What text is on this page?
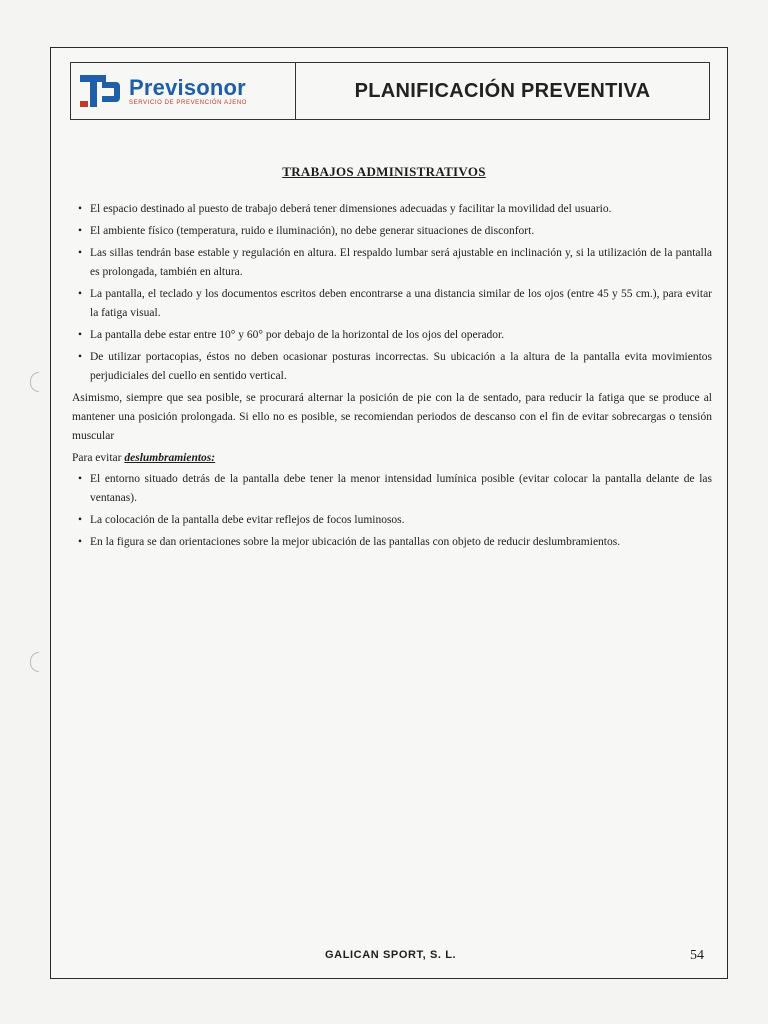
Previsonor
SERVICIO DE PREVENCIÓN AJENO
PLANIFICACIÓN PREVENTIVA
TRABAJOS ADMINISTRATIVOS
• El espacio destinado al puesto de trabajo deberá tener dimensiones adecuadas y facilitar la movilidad del usuario.
• El ambiente físico (temperatura, ruido e iluminación), no debe generar situaciones de disconfort.
• Las sillas tendrán base estable y regulación en altura. El respaldo lumbar será ajustable en inclinación y, si la utilización de la pantalla es prolongada, también en altura.
• La pantalla, el teclado y los documentos escritos deben encontrarse a una distancia similar de los ojos (entre 45 y 55 cm.), para evitar la fatiga visual.
• La pantalla debe estar entre 10° y 60° por debajo de la horizontal de los ojos del operador.
• De utilizar portacopias, éstos no deben ocasionar posturas incorrectas. Su ubicación a la altura de la pantalla evita movimientos perjudiciales del cuello en sentido vertical.

Asimismo, siempre que sea posible, se procurará alternar la posición de pie con la de sentado, para reducir la fatiga que se produce al mantener una posición prolongada. Si ello no es posible, se recomiendan periodos de descanso con el fin de evitar sobrecargas o tensión muscular

Para evitar deslumbramientos:

• El entorno situado detrás de la pantalla debe tener la menor intensidad lumínica posible (evitar colocar la pantalla delante de las ventanas).
• La colocación de la pantalla debe evitar reflejos de focos luminosos.
• En la figura se dan orientaciones sobre la mejor ubicación de las pantallas con objeto de reducir deslumbramientos.
GALICAN SPORT, S. L.	54
